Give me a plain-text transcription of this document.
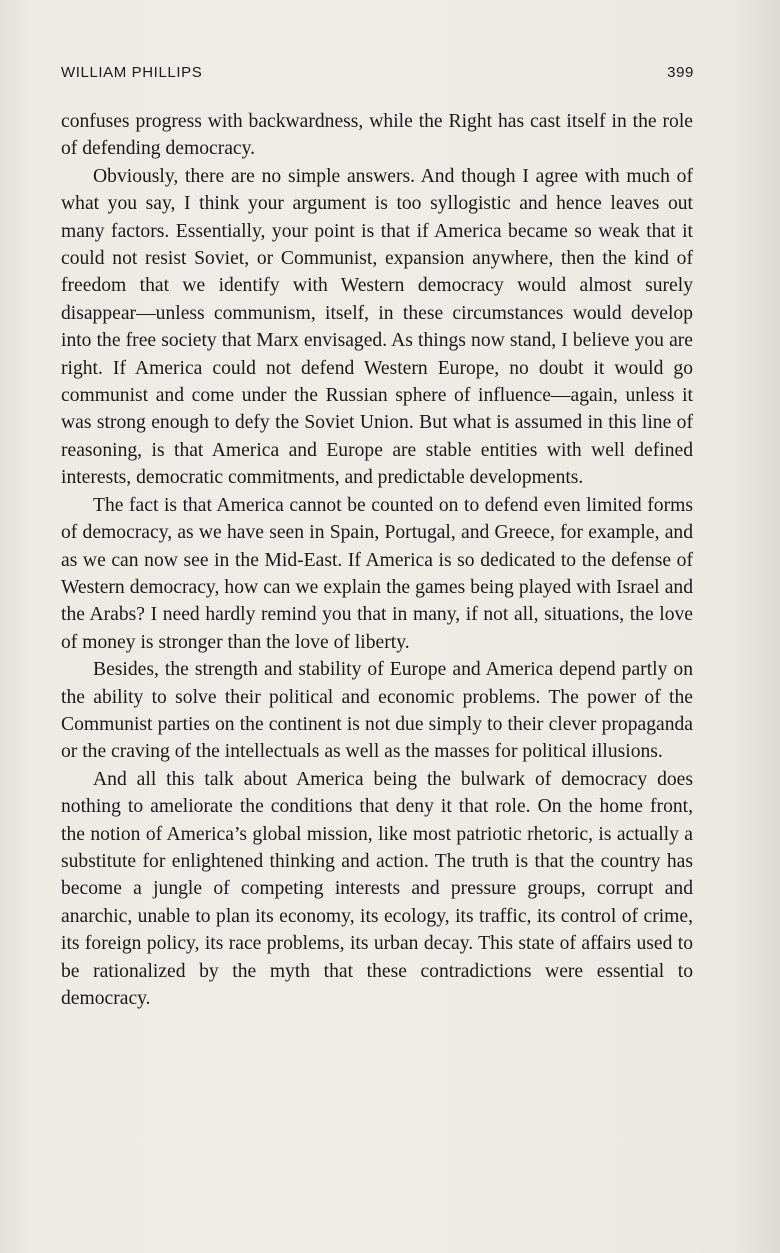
WILLIAM PHILLIPS	399

confuses progress with backwardness, while the Right has cast itself in the role of defending democracy.

Obviously, there are no simple answers. And though I agree with much of what you say, I think your argument is too syllogistic and hence leaves out many factors. Essentially, your point is that if America became so weak that it could not resist Soviet, or Communist, expansion anywhere, then the kind of freedom that we identify with Western democracy would almost surely disappear—unless communism, itself, in these circumstances would develop into the free society that Marx envisaged. As things now stand, I believe you are right. If America could not defend Western Europe, no doubt it would go communist and come under the Russian sphere of influence—again, unless it was strong enough to defy the Soviet Union. But what is assumed in this line of reasoning, is that America and Europe are stable entities with well defined interests, democratic commitments, and predictable developments.

The fact is that America cannot be counted on to defend even limited forms of democracy, as we have seen in Spain, Portugal, and Greece, for example, and as we can now see in the Mid-East. If America is so dedicated to the defense of Western democracy, how can we explain the games being played with Israel and the Arabs? I need hardly remind you that in many, if not all, situations, the love of money is stronger than the love of liberty.

Besides, the strength and stability of Europe and America depend partly on the ability to solve their political and economic problems. The power of the Communist parties on the continent is not due simply to their clever propaganda or the craving of the intellectuals as well as the masses for political illusions.

And all this talk about America being the bulwark of democracy does nothing to ameliorate the conditions that deny it that role. On the home front, the notion of America’s global mission, like most patriotic rhetoric, is actually a substitute for enlightened thinking and action. The truth is that the country has become a jungle of competing interests and pressure groups, corrupt and anarchic, unable to plan its economy, its ecology, its traffic, its control of crime, its foreign policy, its race problems, its urban decay. This state of affairs used to be rationalized by the myth that these contradictions were essential to democracy.
